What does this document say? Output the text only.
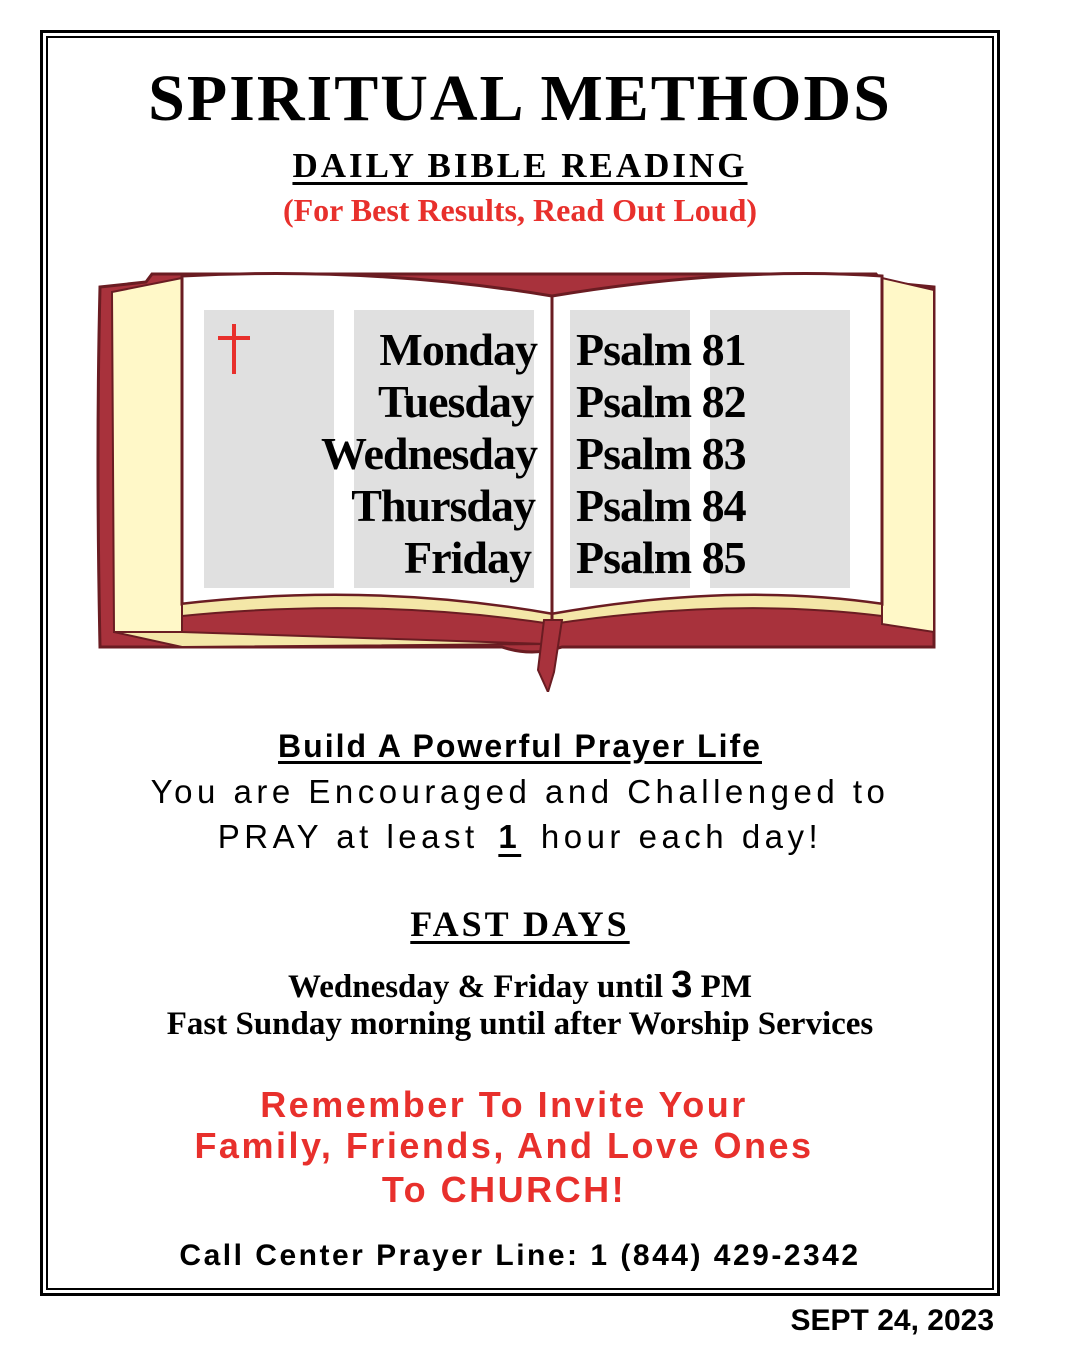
SPIRITUAL METHODS
DAILY BIBLE READING
(For Best Results, Read Out Loud)
Monday
Tuesday
Wednesday
Thursday
Friday
Psalm 81
Psalm 82
Psalm 83
Psalm 84
Psalm 85
Build A Powerful Prayer Life
You are Encouraged and Challenged to
PRAY at least 1 hour each day!
FAST DAYS
Wednesday & Friday until 3 PM
Fast Sunday morning until after Worship Services
Remember To Invite Your
Family, Friends, And Love Ones
To CHURCH!
Call Center Prayer Line: 1 (844) 429-2342
SEPT 24, 2023
